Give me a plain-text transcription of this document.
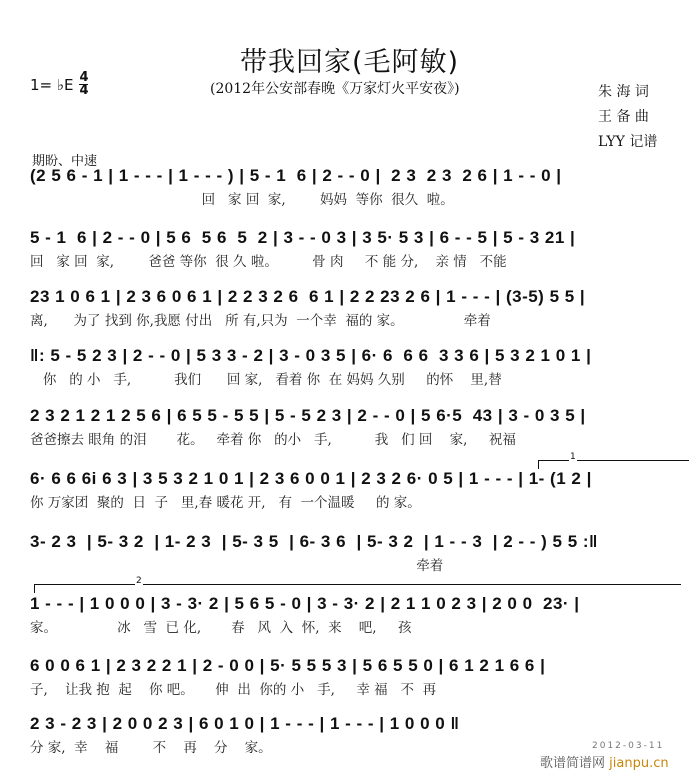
带我回家(毛阿敏)
1= ♭E $\frac{4}{4}$	(2012年公安部春晚《万家灯火平安夜》)	朱 海 词
王 备 曲
LYY 记谱
期盼、中速
(2 5 6 - 1 | 1 - - - | 1 - - - ) | 5 - 1  6 | 2 - - 0 |  2 3  2 3  2 6 | 1 - - 0 |
回   家 回  家,        妈妈  等你  很久  啦。
5 - 1  6 | 2 - - 0 | 5 6  5 6  5  2 | 3 - - 0 3 | 3 5· 5 3 | 6 - - 5 | 5 - 3 21 |
回   家 回  家,        爸爸 等你  很 久 啦。        骨 肉     不 能 分,    亲 情   不能
23 1 0 6 1 | 2 3 6 0 6 1 | 2 2 3 2 6  6 1 | 2 2 23 2 6 | 1 - - - | (3-5) 5 5 |
离,      为了 找到 你,我愿 付出   所 有,只为  一个幸  福的 家。              牵着
‖: 5 - 5 2 3 | 2 - - 0 | 5 3 3 - 2 | 3 - 0 3 5 | 6· 6  6 6  3 3 6 | 5 3 2 1 0 1 |
你   的 小   手,          我们      回 家,   看着 你  在 妈妈 久别     的怀    里,替
2 3 2 1 2 1 2 5 6 | 6 5 5 - 5 5 | 5 - 5 2 3 | 2 - - 0 | 5 6·5  43 | 3 - 0 3 5 |
爸爸擦去 眼角 的泪       花。   牵着 你   的小   手,          我   们 回    家,     祝福
1
6· 6 6 6i 6 3 | 3 5 3 2 1 0 1 | 2 3 6 0 0 1 | 2 3 2 6· 0 5 | 1 - - - | 1- (1 2 |
你 万家团  聚的  日  子   里,春 暖花 开,   有  一个温暖     的 家。
3- 2 3  | 5- 3 2  | 1- 2 3  | 5- 3 5  | 6- 3 6  | 5- 3 2  | 1 - - 3  | 2 - - ) 5 5 :‖
牵着
2
1 - - - | 1 0 0 0 | 3 - 3· 2 | 5 6 5 - 0 | 3 - 3· 2 | 2 1 1 0 2 3 | 2 0 0  23· |
家。              冰   雪  已 化,       春   风  入  怀,  来    吧,     孩
6 0 0 6 1 | 2 3 2 2 1 | 2 - 0 0 | 5· 5 5 5 3 | 5 6 5 5 0 | 6 1 2 1 6 6 |
子,    让我 抱  起    你 吧。     伸  出  你的 小   手,     幸 福   不  再
2 3 - 2 3 | 2 0 0 2 3 | 6 0 1 0 | 1 - - - | 1 - - - | 1 0 0 0 ‖
分 家,  幸    福        不    再    分    家。	2012-03-11
歌谱简谱网 jianpu.cn
